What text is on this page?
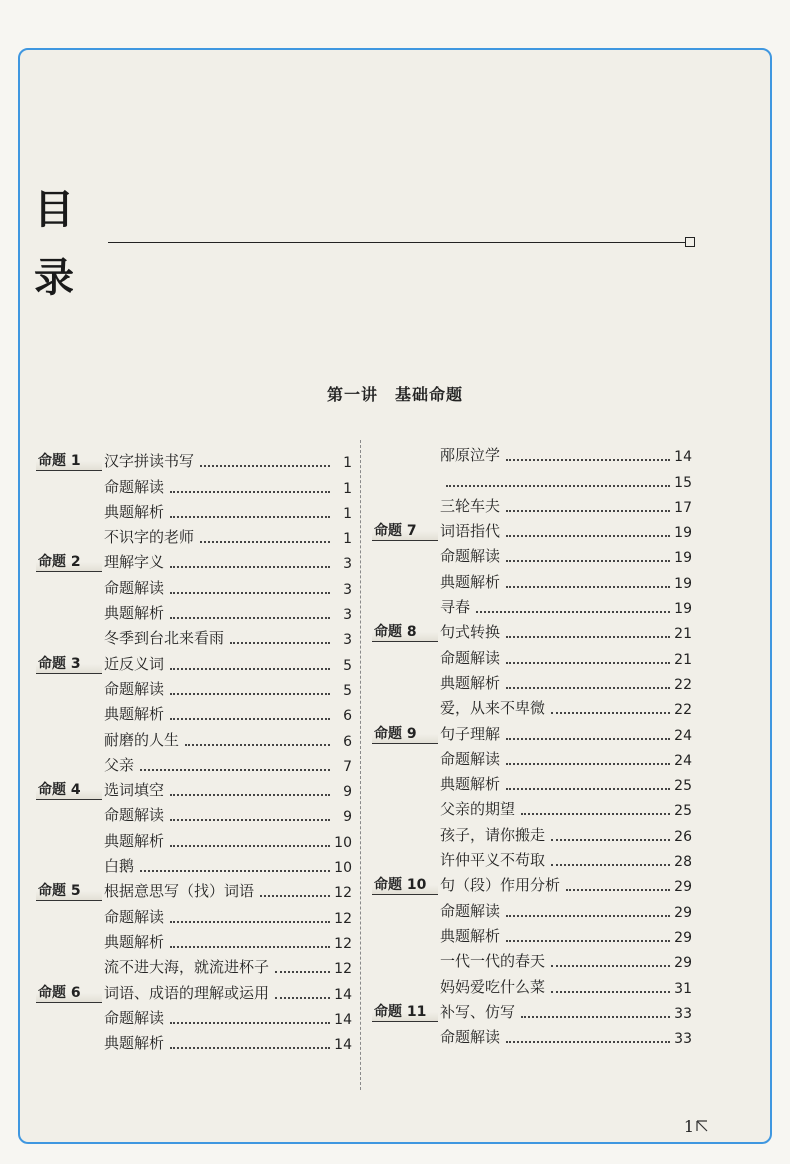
目
录
第一讲　基础命题
命题 1	汉字拼读书写	1
命题解读	1
典题解析	1
不识字的老师	1
命题 2	理解字义	3
命题解读	3
典题解析	3
冬季到台北来看雨	3
命题 3	近反义词	5
命题解读	5
典题解析	6
耐磨的人生	6
父亲	7
命题 4	选词填空	9
命题解读	9
典题解析	10
白鹅	10
命题 5	根据意思写（找）词语	12
命题解读	12
典题解析	12
流不进大海，就流进杯子	12
命题 6	词语、成语的理解或运用	14
命题解读	14
典题解析	14
邴原泣学	14
15
三轮车夫	17
命题 7	词语指代	19
命题解读	19
典题解析	19
寻春	19
命题 8	句式转换	21
命题解读	21
典题解析	22
爱，从来不卑微	22
命题 9	句子理解	24
命题解读	24
典题解析	25
父亲的期望	25
孩子，请你搬走	26
许仲平义不苟取	28
命题 10 句（段）作用分析	29
命题解读	29
典题解析	29
一代一代的春天	29
妈妈爱吃什么菜	31
命题 11 补写、仿写	33
命题解读	33
1
